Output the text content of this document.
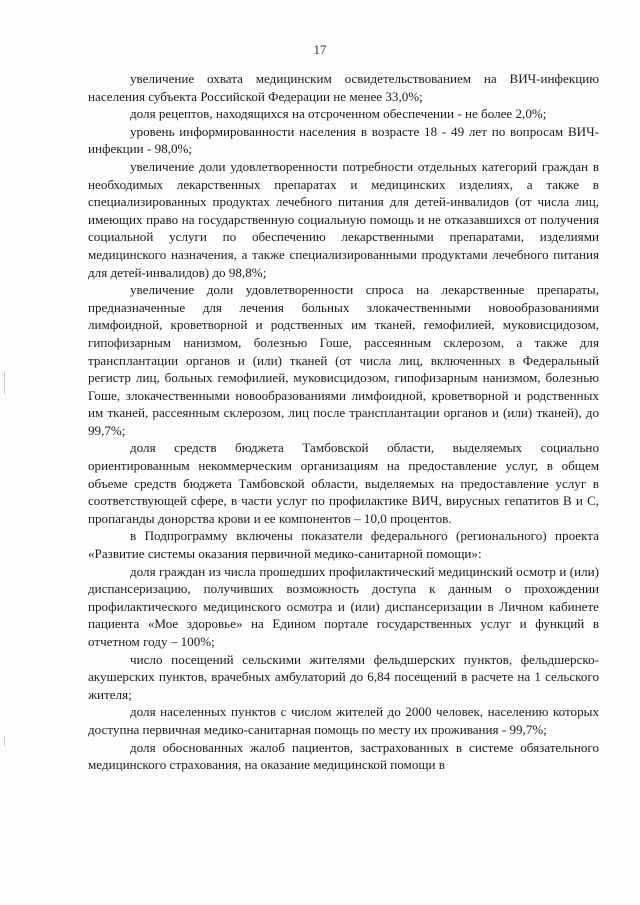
17

увеличение охвата медицинским освидетельствованием на ВИЧ-инфекцию населения субъекта Российской Федерации не менее 33,0%;

доля рецептов, находящихся на отсроченном обеспечении - не более 2,0%;

уровень информированности населения в возрасте 18 - 49 лет по вопросам ВИЧ-инфекции - 98,0%;

увеличение доли удовлетворенности потребности отдельных категорий граждан в необходимых лекарственных препаратах и медицинских изделиях, а также в специализированных продуктах лечебного питания для детей-инвалидов (от числа лиц, имеющих право на государственную социальную помощь и не отказавшихся от получения социальной услуги по обеспечению лекарственными препаратами, изделиями медицинского назначения, а также специализированными продуктами лечебного питания для детей-инвалидов) до 98,8%;

увеличение доли удовлетворенности спроса на лекарственные препараты, предназначенные для лечения больных злокачественными новообразованиями лимфоидной, кроветворной и родственных им тканей, гемофилией, муковисцидозом, гипофизарным нанизмом, болезнью Гоше, рассеянным склерозом, а также для трансплантации органов и (или) тканей (от числа лиц, включенных в Федеральный регистр лиц, больных гемофилией, муковисцидозом, гипофизарным нанизмом, болезнью Гоше, злокачественными новообразованиями лимфоидной, кроветворной и родственных им тканей, рассеянным склерозом, лиц после трансплантации органов и (или) тканей), до 99,7%;

доля средств бюджета Тамбовской области, выделяемых социально ориентированным некоммерческим организациям на предоставление услуг, в общем объеме средств бюджета Тамбовской области, выделяемых на предоставление услуг в соответствующей сфере, в части услуг по профилактике ВИЧ, вирусных гепатитов В и С, пропаганды донорства крови и ее компонентов – 10,0 процентов.

в Подпрограмму включены показатели федерального (регионального) проекта «Развитие системы оказания первичной медико-санитарной помощи»:

доля граждан из числа прошедших профилактический медицинский осмотр и (или) диспансеризацию, получивших возможность доступа к данным о прохождении профилактического медицинского осмотра и (или) диспансеризации в Личном кабинете пациента «Мое здоровье» на Едином портале государственных услуг и функций в отчетном году – 100%;

число посещений сельскими жителями фельдшерских пунктов, фельдшерско-акушерских пунктов, врачебных амбулаторий до 6,84 посещений в расчете на 1 сельского жителя;

доля населенных пунктов с числом жителей до 2000 человек, населению которых доступна первичная медико-санитарная помощь по месту их проживания - 99,7%;

доля обоснованных жалоб пациентов, застрахованных в системе обязательного медицинского страхования, на оказание медицинской помощи в
